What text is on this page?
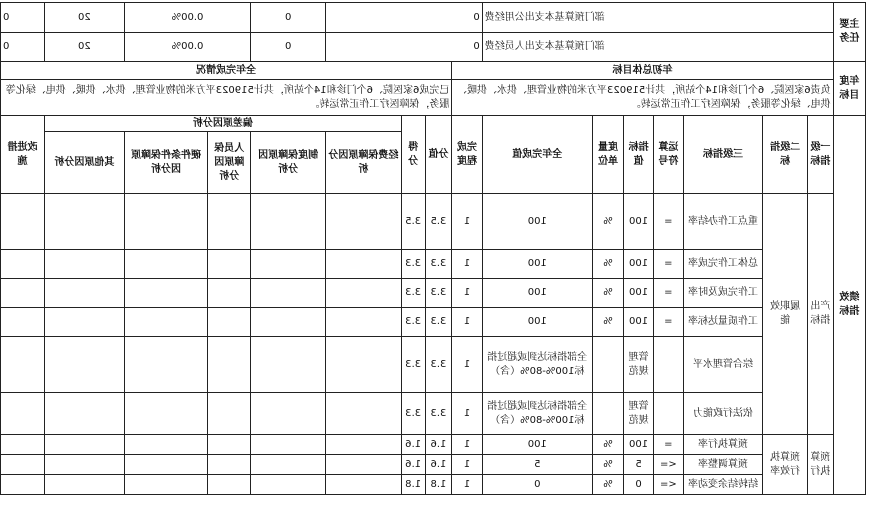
主要任务	部门预算基本支出公用经费							0				0	0.00%		20	0
	部门预算基本支出人员经费							0				0	0.00%		20	0
年度目标	年初总体目标								全年完成情况							
	负责6家医院、6个门诊和14个站所，共计519023平方米的物业管理、供水、供暖、供电、绿化等服务，保障医疗工作正常运转。								已完成6家医院、6个门诊和14个站所，共计519023平方米的物业管理、供水、供暖、供电、绿化等服务，保障医疗工作正常运转。							
绩效指标	一级指标	二级指标	三级指标	运算符号	指标值	度量单位	全年完成值	完成程度	分值	得分	偏差原因分析					改进措施
											经费保障原因分析	制度保障原因分析	人员保障原因分析	硬件条件保障原因分析	其他原因分析	
	产出指标	履职效能	重点工作办结率	=	100	%	100	1	3.5	3.5						
			总体工作完成率	=	100	%	100	1	3.3	3.3						
			工作完成及时率	=	100	%	100	1	3.3	3.3						
			工作质量达标率	=	100	%	100	1	3.3	3.3						
			综合管理水平		管理规范		全部指标达到或超过指标100%-80%（含）	1	3.3	3.3						
			依法行政能力		管理规范		全部指标达到或超过指标100%-80%（含）	1	3.3	3.3						
	预算执行	预算执行效率	预算执行率	=	100	%	100	1	1.6	1.6						
			预算调整率	<=	5	%	5	1	1.6	1.6						
			结转结余变动率	<=	0	%	0	1	1.8	1.8						
